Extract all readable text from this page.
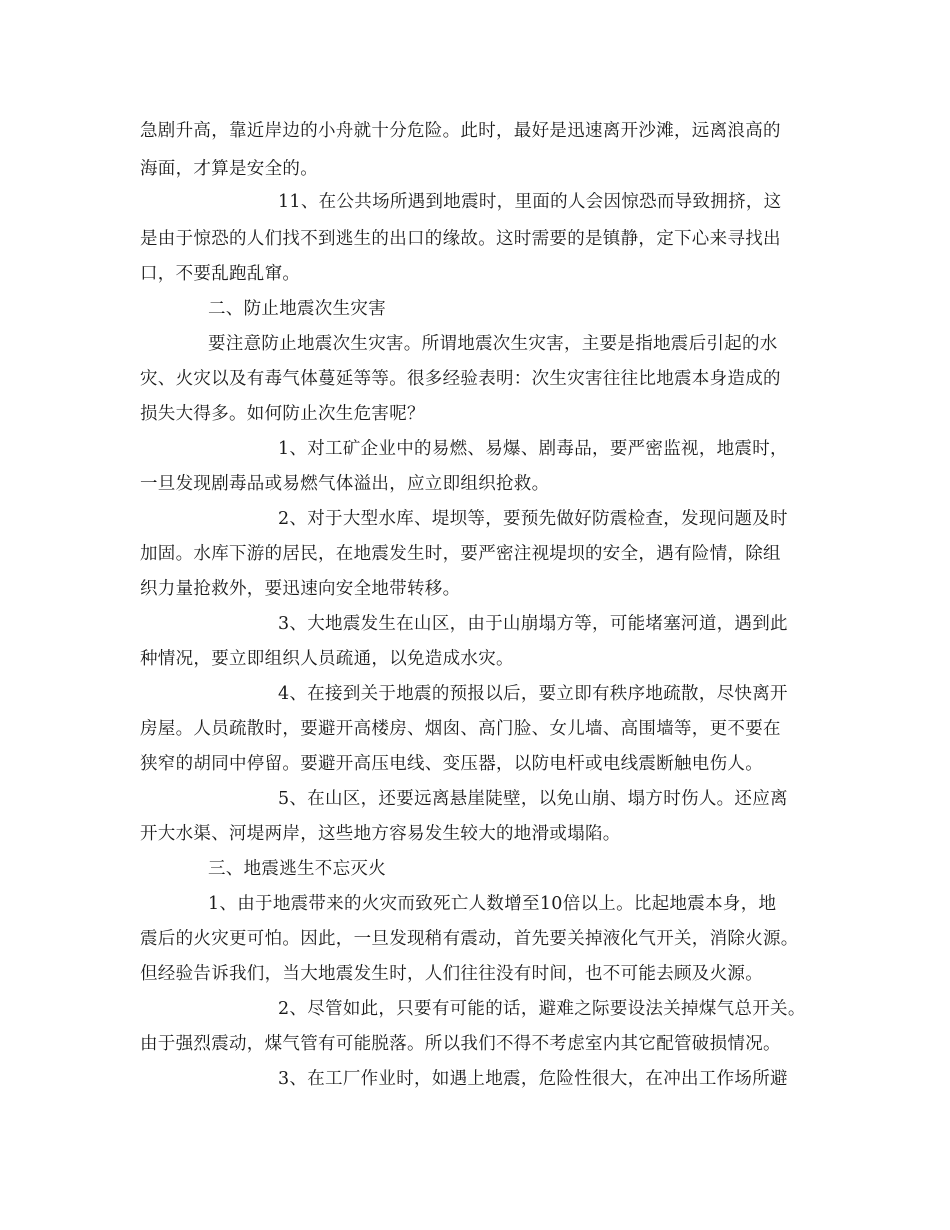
急剧升高，靠近岸边的小舟就十分危险。此时，最好是迅速离开沙滩，远离浪高的
海面，才算是安全的。
11、在公共场所遇到地震时，里面的人会因惊恐而导致拥挤，这
是由于惊恐的人们找不到逃生的出口的缘故。这时需要的是镇静，定下心来寻找出
口，不要乱跑乱窜。
二、防止地震次生灾害
要注意防止地震次生灾害。所谓地震次生灾害，主要是指地震后引起的水
灾、火灾以及有毒气体蔓延等等。很多经验表明：次生灾害往往比地震本身造成的
损失大得多。如何防止次生危害呢？
1、对工矿企业中的易燃、易爆、剧毒品，要严密监视，地震时，
一旦发现剧毒品或易燃气体溢出，应立即组织抢救。
2、对于大型水库、堤坝等，要预先做好防震检查，发现问题及时
加固。水库下游的居民，在地震发生时，要严密注视堤坝的安全，遇有险情，除组
织力量抢救外，要迅速向安全地带转移。
3、大地震发生在山区，由于山崩塌方等，可能堵塞河道，遇到此
种情况，要立即组织人员疏通，以免造成水灾。
4、在接到关于地震的预报以后，要立即有秩序地疏散，尽快离开
房屋。人员疏散时，要避开高楼房、烟囱、高门脸、女儿墙、高围墙等，更不要在
狭窄的胡同中停留。要避开高压电线、变压器，以防电杆或电线震断触电伤人。
5、在山区，还要远离悬崖陡壁，以免山崩、塌方时伤人。还应离
开大水渠、河堤两岸，这些地方容易发生较大的地滑或塌陷。
三、地震逃生不忘灭火
1、由于地震带来的火灾而致死亡人数增至10倍以上。比起地震本身，地
震后的火灾更可怕。因此，一旦发现稍有震动，首先要关掉液化气开关，消除火源。
但经验告诉我们，当大地震发生时，人们往往没有时间，也不可能去顾及火源。
2、尽管如此，只要有可能的话，避难之际要设法关掉煤气总开关。
由于强烈震动，煤气管有可能脱落。所以我们不得不考虑室内其它配管破损情况。
3、在工厂作业时，如遇上地震，危险性很大，在冲出工作场所避
